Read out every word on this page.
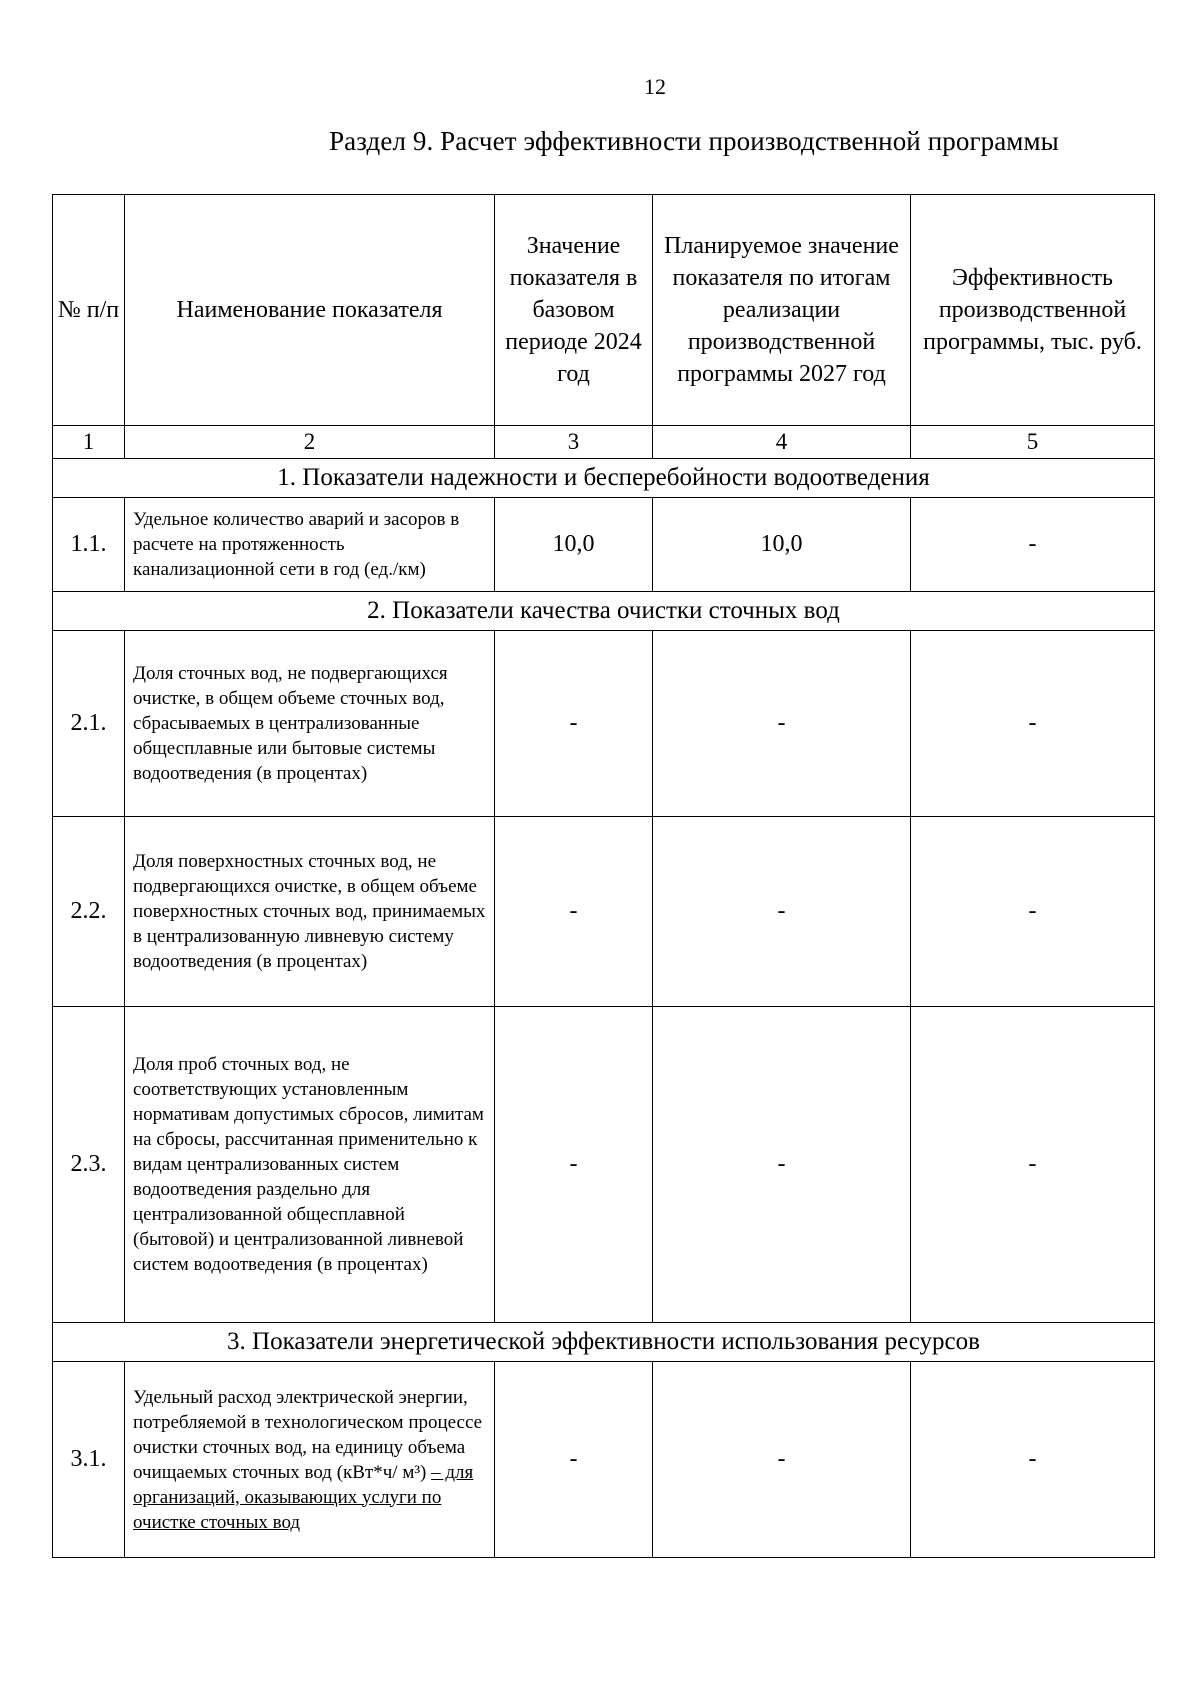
12
Раздел 9. Расчет эффективности производственной программы
№ п/п	Наименование показателя	Значение показателя в базовом периоде 2024 год	Планируемое значение показателя по итогам реализации производственной программы 2027 год	Эффективность производственной программы, тыс. руб.
1	2	3	4	5
1. Показатели надежности и бесперебойности водоотведения				
1.1.	Удельное количество аварий и засоров в расчете на протяженность канализационной сети в год (ед./км)	10,0	10,0	-
2. Показатели качества очистки сточных вод				
2.1.	Доля сточных вод, не подвергающихся очистке, в общем объеме сточных вод, сбрасываемых в централизованные общесплавные или бытовые системы водоотведения (в процентах)	-	-	-
2.2.	Доля поверхностных сточных вод, не подвергающихся очистке, в общем объеме поверхностных сточных вод, принимаемых в централизованную ливневую систему водоотведения (в процентах)	-	-	-
2.3.	Доля проб сточных вод, не соответствующих установленным нормативам допустимых сбросов, лимитам на сбросы, рассчитанная применительно к видам централизованных систем водоотведения раздельно для централизованной общесплавной (бытовой) и централизованной ливневой систем водоотведения (в процентах)	-	-	-
3. Показатели энергетической эффективности использования ресурсов				
3.1.	Удельный расход электрической энергии, потребляемой в технологическом процессе очистки сточных вод, на единицу объема очищаемых сточных вод (кВт*ч/ м³) – для организаций, оказывающих услуги по очистке сточных вод	-	-	-
